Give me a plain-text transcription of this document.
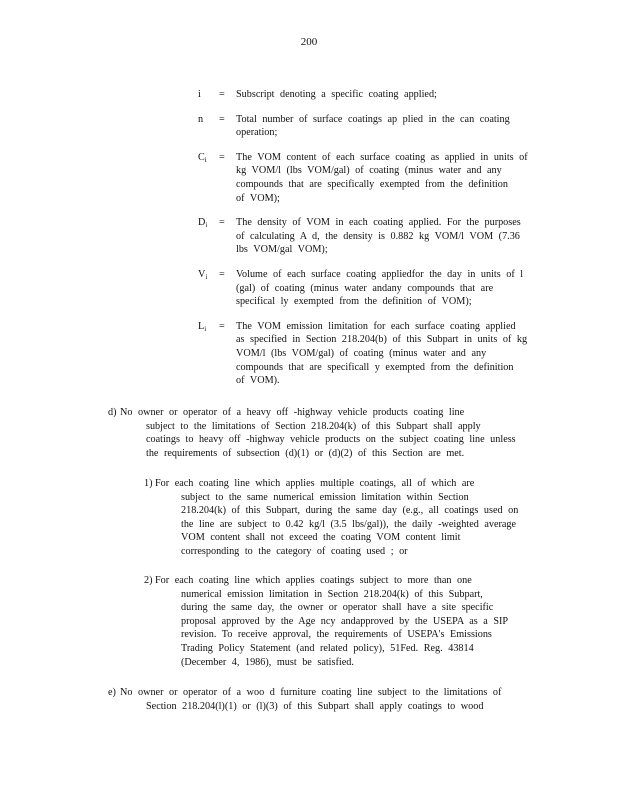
200
i = Subscript denoting a specific coating applied;
n = Total number of surface coatings ap plied in the can coating
operation;
$C_i$ = The VOM content of each surface coating as applied in units of
kg VOM/l (lbs VOM/gal) of coating (minus water and any
compounds that are specifically exempted from the definition
of VOM);
$D_i$ = The density of VOM in each coating applied. For the purposes
of calculating A d, the density is 0.882 kg VOM/l VOM (7.36
lbs VOM/gal VOM);
$V_i$ = Volume of each surface coating appliedfor the day in units of l
(gal) of coating (minus water andany compounds that are
specifical ly exempted from the definition of VOM);
$L_i$ = The VOM emission limitation for each surface coating applied
as specified in Section 218.204(b) of this Subpart in units of kg
VOM/l (lbs VOM/gal) of coating (minus water and any
compounds that are specificall y exempted from the definition
of VOM).
d) No owner or operator of a heavy off -highway vehicle products coating line
subject to the limitations of Section 218.204(k) of this Subpart shall apply
coatings to heavy off -highway vehicle products on the subject coating line unless
the requirements of subsection (d)(1) or (d)(2) of this Section are met.
1) For each coating line which applies multiple coatings, all of which are
subject to the same numerical emission limitation within Section
218.204(k) of this Subpart, during the same day (e.g., all coatings used on
the line are subject to 0.42 kg/l (3.5 lbs/gal)), the daily -weighted average
VOM content shall not exceed the coating VOM content limit
corresponding to the category of coating used ; or
2) For each coating line which applies coatings subject to more than one
numerical emission limitation in Section 218.204(k) of this Subpart,
during the same day, the owner or operator shall have a site specific
proposal approved by the Age ncy andapproved by the USEPA as a SIP
revision. To receive approval, the requirements of USEPA's Emissions
Trading Policy Statement (and related policy), 51Fed. Reg. 43814
(December 4, 1986), must be satisfied.
e) No owner or operator of a woo d furniture coating line subject to the limitations of
Section 218.204(l)(1) or (l)(3) of this Subpart shall apply coatings to wood
